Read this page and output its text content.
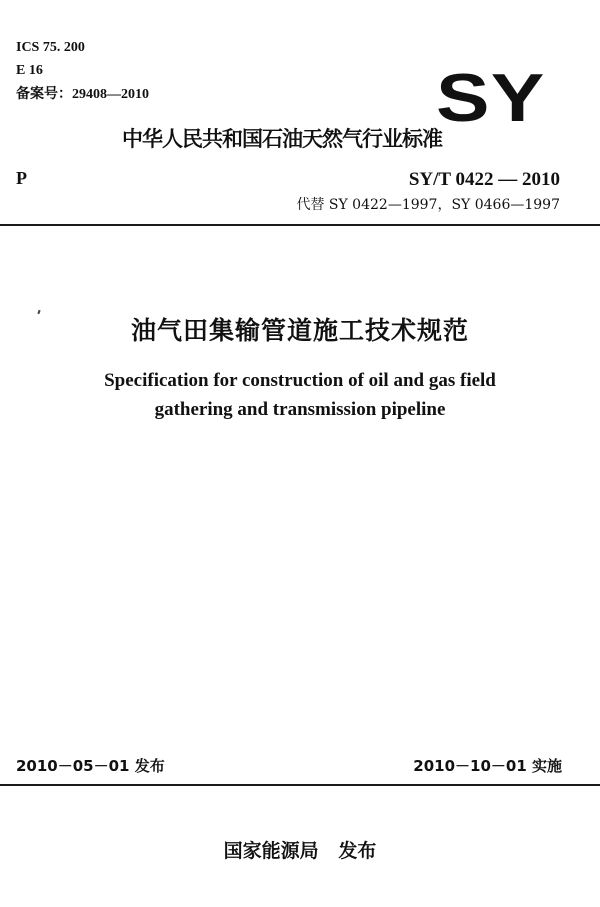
ICS 75. 200
E 16
备案号：29408—2010	SY
中华人民共和国石油天然气行业标准
P	SY/T 0422 — 2010
代替 SY 0422—1997，SY 0466—1997
油气田集输管道施工技术规范
Specification for construction of oil and gas field
gathering and transmission pipeline
2010－05－01 发布	2010－10－01 实施
国家能源局   发布
